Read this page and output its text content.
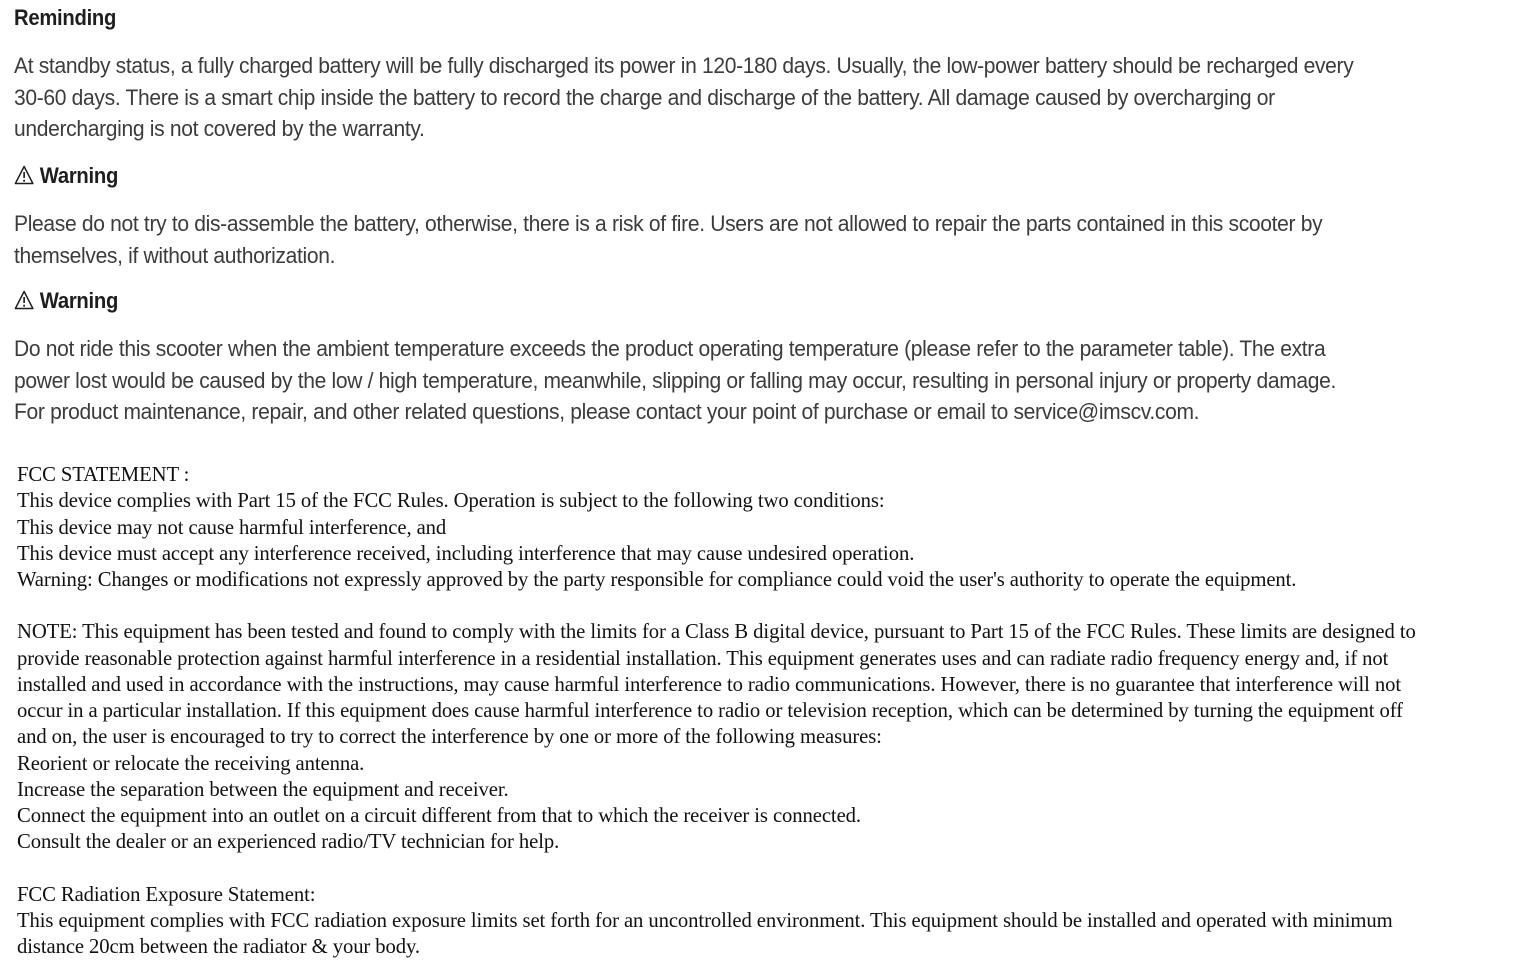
Reminding
At standby status, a fully charged battery will be fully discharged its power in 120-180 days. Usually, the low-power battery should be recharged every
30-60 days. There is a smart chip inside the battery to record the charge and discharge of the battery. All damage caused by overcharging or
undercharging is not covered by the warranty.
Warning
Please do not try to dis-assemble the battery, otherwise, there is a risk of fire. Users are not allowed to repair the parts contained in this scooter by
themselves, if without authorization.
Warning
Do not ride this scooter when the ambient temperature exceeds the product operating temperature (please refer to the parameter table). The extra
power lost would be caused by the low / high temperature, meanwhile, slipping or falling may occur, resulting in personal injury or property damage.
For product maintenance, repair, and other related questions, please contact your point of purchase or email to service@imscv.com.
FCC STATEMENT :
This device complies with Part 15 of the FCC Rules. Operation is subject to the following two conditions:
This device may not cause harmful interference, and
This device must accept any interference received, including interference that may cause undesired operation.
Warning: Changes or modifications not expressly approved by the party responsible for compliance could void the user's authority to operate the equipment.
NOTE: This equipment has been tested and found to comply with the limits for a Class B digital device, pursuant to Part 15 of the FCC Rules. These limits are designed to
provide reasonable protection against harmful interference in a residential installation. This equipment generates uses and can radiate radio frequency energy and, if not
installed and used in accordance with the instructions, may cause harmful interference to radio communications. However, there is no guarantee that interference will not
occur in a particular installation. If this equipment does cause harmful interference to radio or television reception, which can be determined by turning the equipment off
and on, the user is encouraged to try to correct the interference by one or more of the following measures:
Reorient or relocate the receiving antenna.
Increase the separation between the equipment and receiver.
Connect the equipment into an outlet on a circuit different from that to which the receiver is connected.
Consult the dealer or an experienced radio/TV technician for help.
FCC Radiation Exposure Statement:
This equipment complies with FCC radiation exposure limits set forth for an uncontrolled environment. This equipment should be installed and operated with minimum
distance 20cm between the radiator & your body.
